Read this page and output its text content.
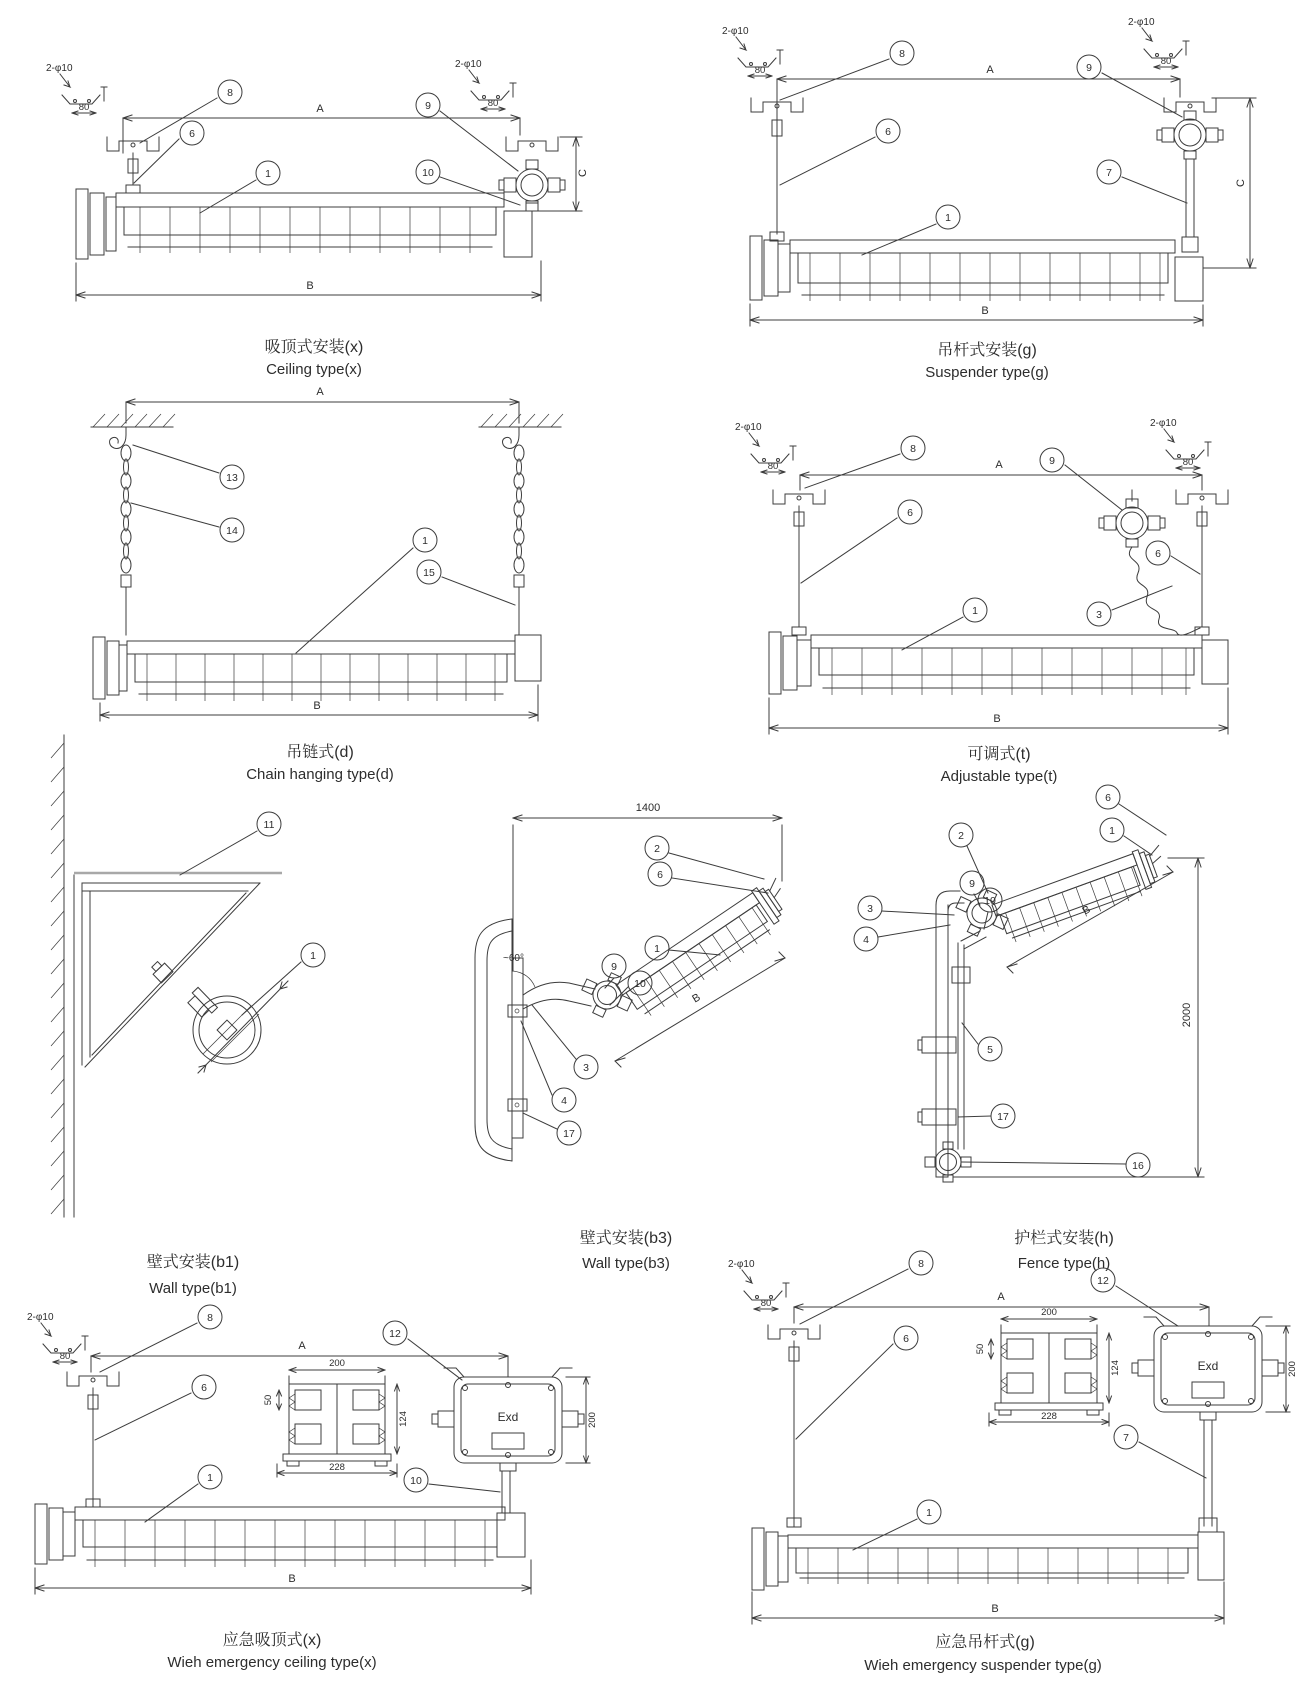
2-φ10
80
2-φ10
80
A
C
B
8
9
6
1	10
吸顶式安装(x)
Ceiling type(x)
2-φ10
80
2-φ10
80
A
C
B
8
9
6
7
1
吊杆式安装(g)
Suspender type(g)
A
B
13
14
1
15
吊链式(d)
Chain hanging type(d)
2-φ10
80
2-φ10
80
A
B
8
9
6
6
1	3
可调式(t)
Adjustable type(t)
11
1
壁式安装(b1)
Wall type(b1)
1400
~60°
B
2
6
1
9
10
3
4
17
壁式安装(b3)
Wall type(b3)
B
2000
6
1
2
9
10
3
4
5
17
16
护栏式安装(h)
Fence type(h)
2-φ10
80
A
200
228
124
50
Exd	200
B
8
6
12
10
1
应急吸顶式(x)
Wieh emergency ceiling type(x)
2-φ10
80
A
200
228
124
50
Exd	200
B
8
12
6
7
1
应急吊杆式(g)
Wieh emergency suspender type(g)
